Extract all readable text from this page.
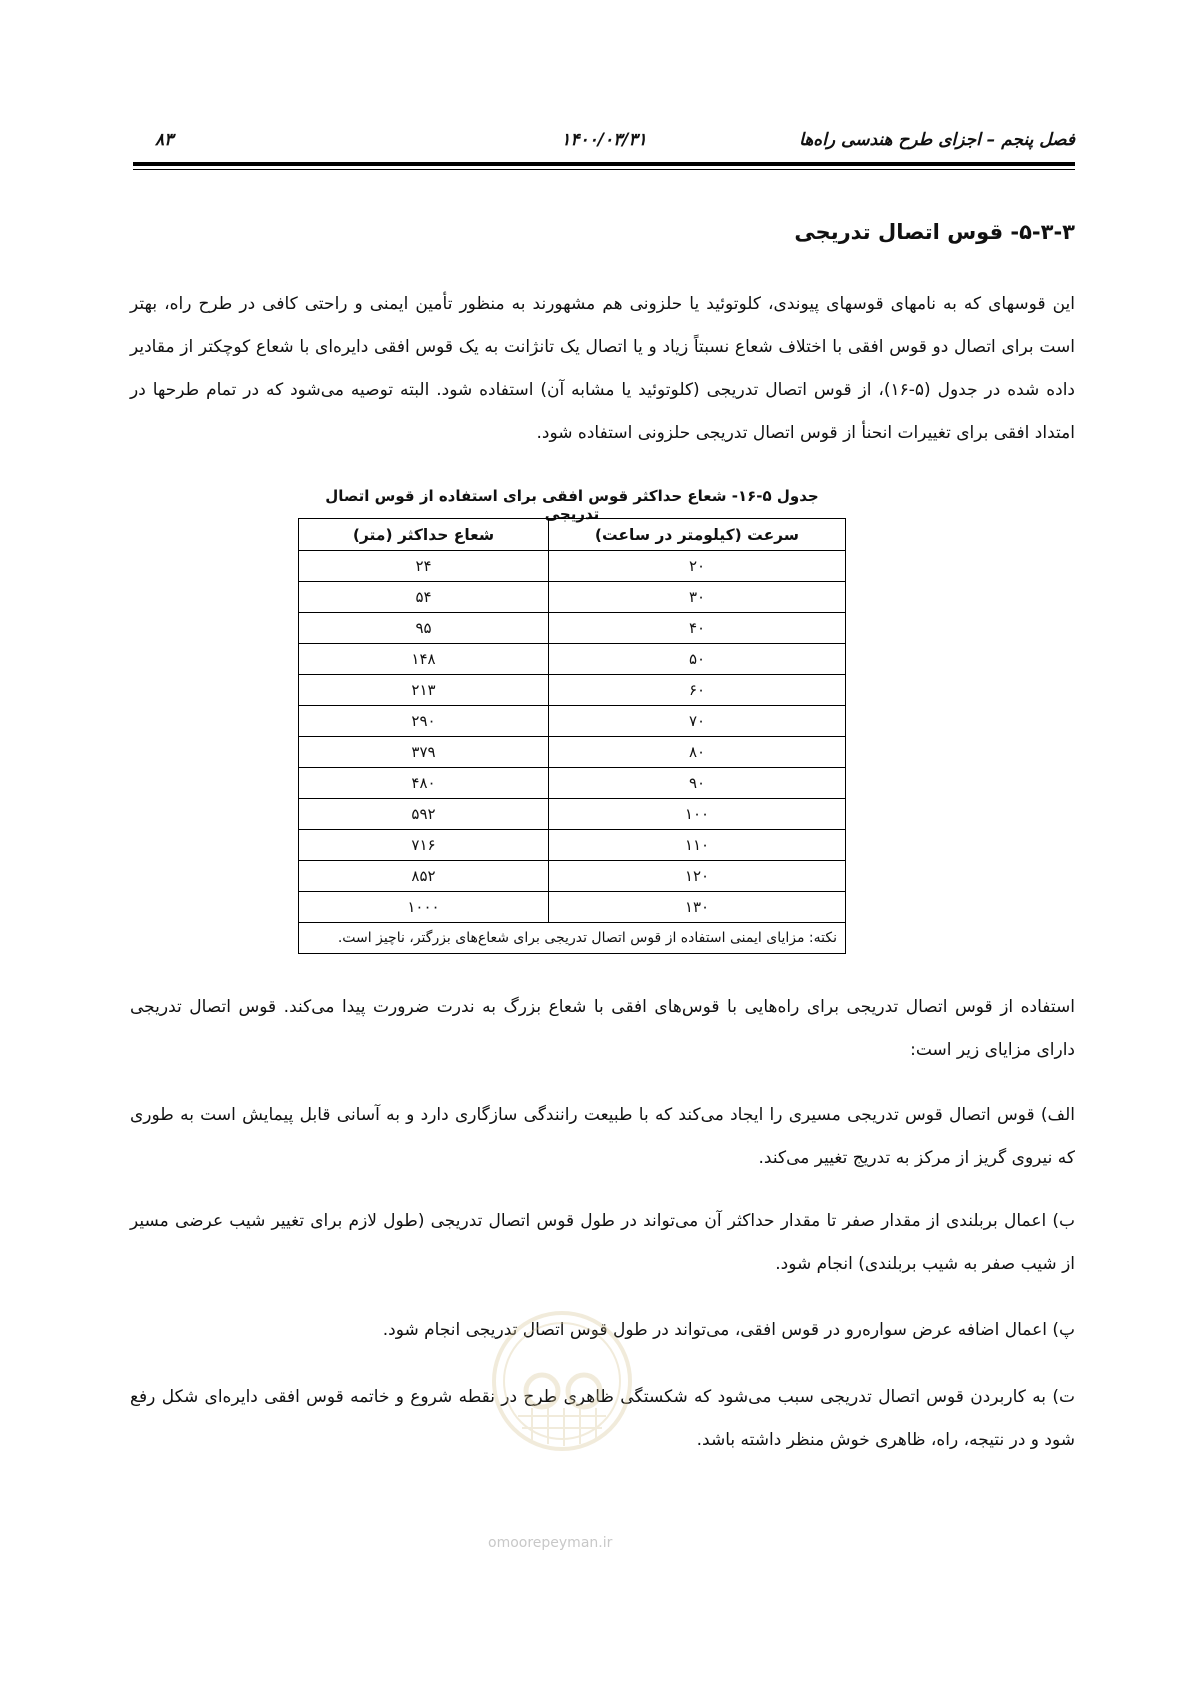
فصل پنجم – اجزای طرح هندسی راه‌ها
۱۴۰۰/۰۳/۳۱
۸۳
۵-۳-۳- قوس اتصال تدریجی

این قوسهای که به نامهای قوسهای پیوندی، کلوتوئید یا حلزونی هم مشهورند به منظور تأمین ایمنی و راحتی کافی در طرح راه، بهتر است برای اتصال دو قوس افقی با اختلاف شعاع نسبتاً زیاد و یا اتصال یک تانژانت به یک قوس افقی دایره‌ای با شعاع کوچکتر از مقادیر داده شده در جدول (۵-۱۶)، از قوس اتصال تدریجی (کلوتوئید یا مشابه آن) استفاده شود. البته توصیه می‌شود که در تمام طرحها در امتداد افقی برای تغییرات انحنأ از قوس اتصال تدریجی حلزونی استفاده شود.

جدول ۵-۱۶- شعاع حداکثر قوس افقی برای استفاده از قوس اتصال تدریجی
سرعت (کیلومتر در ساعت)	شعاع حداکثر (متر)
۲۰	۲۴
۳۰	۵۴
۴۰	۹۵
۵۰	۱۴۸
۶۰	۲۱۳
۷۰	۲۹۰
۸۰	۳۷۹
۹۰	۴۸۰
۱۰۰	۵۹۲
۱۱۰	۷۱۶
۱۲۰	۸۵۲
۱۳۰	۱۰۰۰
نکته: مزایای ایمنی استفاده از قوس اتصال تدریجی برای شعاع‌های بزرگتر، ناچیز است.	

استفاده از قوس اتصال تدریجی برای راه‌هایی با قوس‌های افقی با شعاع بزرگ به ندرت ضرورت پیدا می‌کند. قوس اتصال تدریجی دارای مزایای زیر است:

الف) قوس اتصال قوس تدریجی مسیری را ایجاد می‌کند که با طبیعت رانندگی سازگاری دارد و به آسانی قابل پیمایش است به طوری که نیروی گریز از مرکز به تدریج تغییر می‌کند.

ب) اعمال بربلندی از مقدار صفر تا مقدار حداکثر آن می‌تواند در طول قوس اتصال تدریجی (طول لازم برای تغییر شیب عرضی مسیر از شیب صفر به شیب بربلندی) انجام شود.

پ) اعمال اضافه عرض سواره‌رو در قوس افقی، می‌تواند در طول قوس اتصال تدریجی انجام شود.

ت) به کاربردن قوس اتصال تدریجی سبب می‌شود که شکستگی ظاهری طرح در نقطه شروع و خاتمه قوس افقی دایره‌ای شکل رفع شود و در نتیجه، راه، ظاهری خوش منظر داشته باشد.

omoorepeyman.ir
